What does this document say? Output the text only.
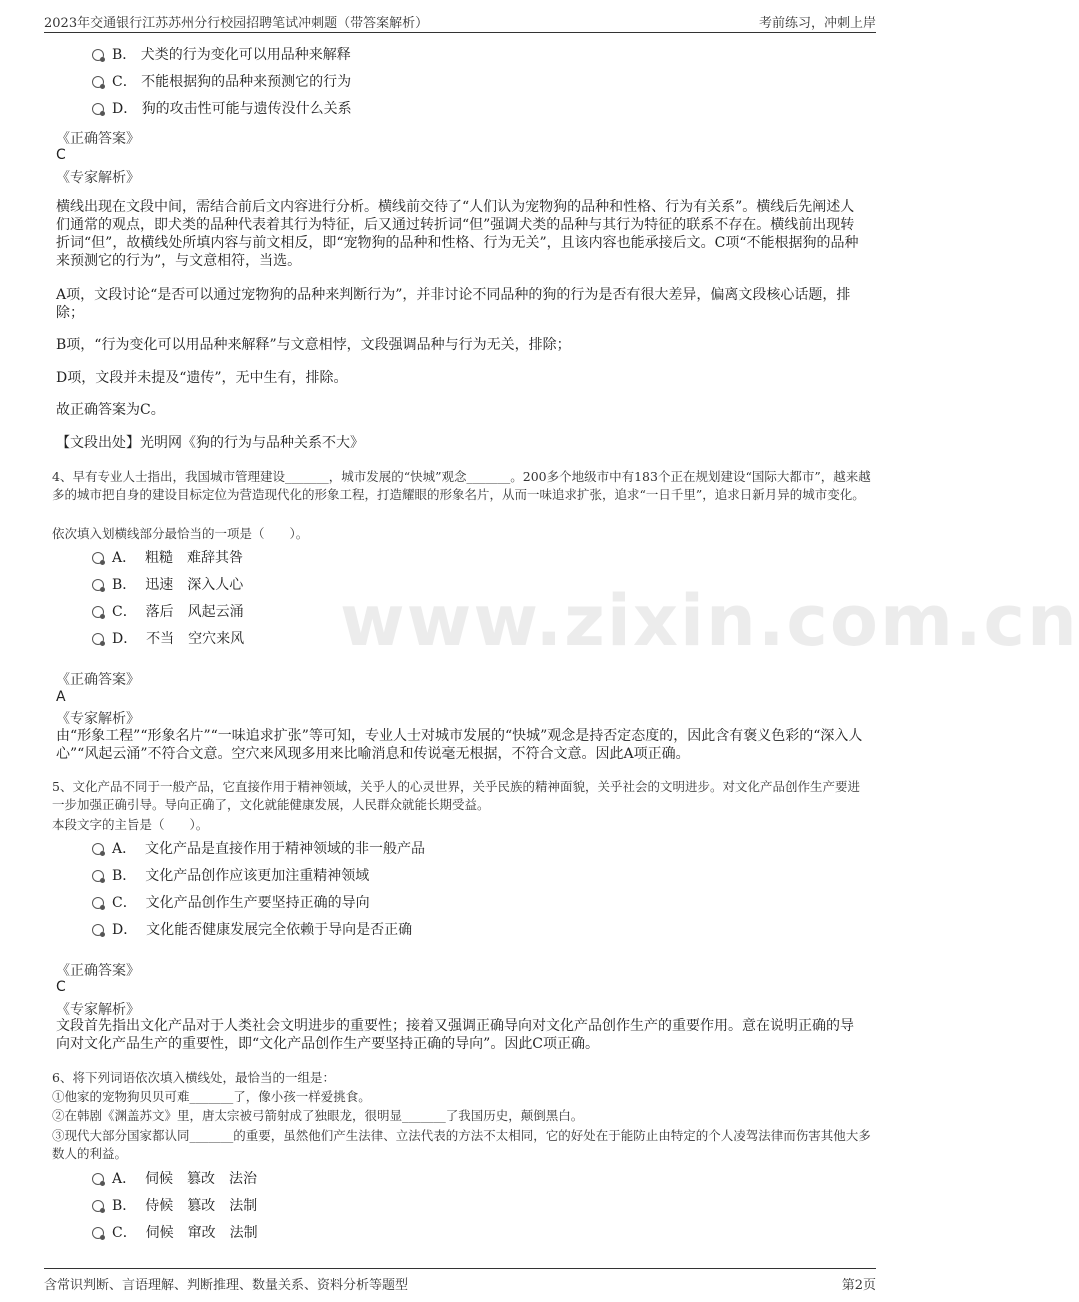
2023年交通银行江苏苏州分行校园招聘笔试冲刺题（带答案解析）	考前练习，冲刺上岸
www.zixin.com.cn
B． 犬类的行为变化可以用品种来解释
C． 不能根据狗的品种来预测它的行为
D． 狗的攻击性可能与遗传没什么关系
《正确答案》
C
《专家解析》
横线出现在文段中间，需结合前后文内容进行分析。横线前交待了“人们认为宠物狗的品种和性格、行为有关系”。横线后先阐述人们通常的观点，即犬类的品种代表着其行为特征，后又通过转折词“但”强调犬类的品种与其行为特征的联系不存在。横线前出现转折词“但”，故横线处所填内容与前文相反，即“宠物狗的品种和性格、行为无关”，且该内容也能承接后文。C项“不能根据狗的品种来预测它的行为”，与文意相符，当选。
A项，文段讨论“是否可以通过宠物狗的品种来判断行为”，并非讨论不同品种的狗的行为是否有很大差异，偏离文段核心话题，排除；
B项，“行为变化可以用品种来解释”与文意相悖，文段强调品种与行为无关，排除；
D项，文段并未提及“遗传”，无中生有，排除。
故正确答案为C。
【文段出处】光明网《狗的行为与品种关系不大》
4、早有专业人士指出，我国城市管理建设_______，城市发展的“快城”观念_______。200多个地级市中有183个正在规划建设“国际大都市”，越来越多的城市把自身的建设目标定位为营造现代化的形象工程，打造耀眼的形象名片，从而一味追求扩张，追求“一日千里”，追求日新月异的城市变化。
依次填入划横线部分最恰当的一项是（　　）。
A． 粗糙　难辞其咎
B． 迅速　深入人心
C． 落后　风起云涌
D． 不当　空穴来风
《正确答案》
A
《专家解析》
由“形象工程”“形象名片”“一味追求扩张”等可知，专业人士对城市发展的“快城”观念是持否定态度的，因此含有褒义色彩的“深入人心”“风起云涌”不符合文意。空穴来风现多用来比喻消息和传说毫无根据，不符合文意。因此A项正确。
5、文化产品不同于一般产品，它直接作用于精神领域，关乎人的心灵世界，关乎民族的精神面貌，关乎社会的文明进步。对文化产品创作生产要进一步加强正确引导。导向正确了，文化就能健康发展，人民群众就能长期受益。
本段文字的主旨是（　　）。
A． 文化产品是直接作用于精神领域的非一般产品
B． 文化产品创作应该更加注重精神领域
C． 文化产品创作生产要坚持正确的导向
D． 文化能否健康发展完全依赖于导向是否正确
《正确答案》
C
《专家解析》
文段首先指出文化产品对于人类社会文明进步的重要性；接着又强调正确导向对文化产品创作生产的重要作用。意在说明正确的导向对文化产品生产的重要性，即“文化产品创作生产要坚持正确的导向”。因此C项正确。
6、将下列词语依次填入横线处，最恰当的一组是：
①他家的宠物狗贝贝可难_______了，像小孩一样爱挑食。
②在韩剧《渊盖苏文》里，唐太宗被弓箭射成了独眼龙，很明显_______了我国历史，颠倒黑白。
③现代大部分国家都认同_______的重要，虽然他们产生法律、立法代表的方法不太相同，它的好处在于能防止由特定的个人凌驾法律而伤害其他大多数人的利益。
A． 伺候　篡改　法治
B． 侍候　篡改　法制
C． 伺候　窜改　法制
含常识判断、言语理解、判断推理、数量关系、资料分析等题型	第2页
